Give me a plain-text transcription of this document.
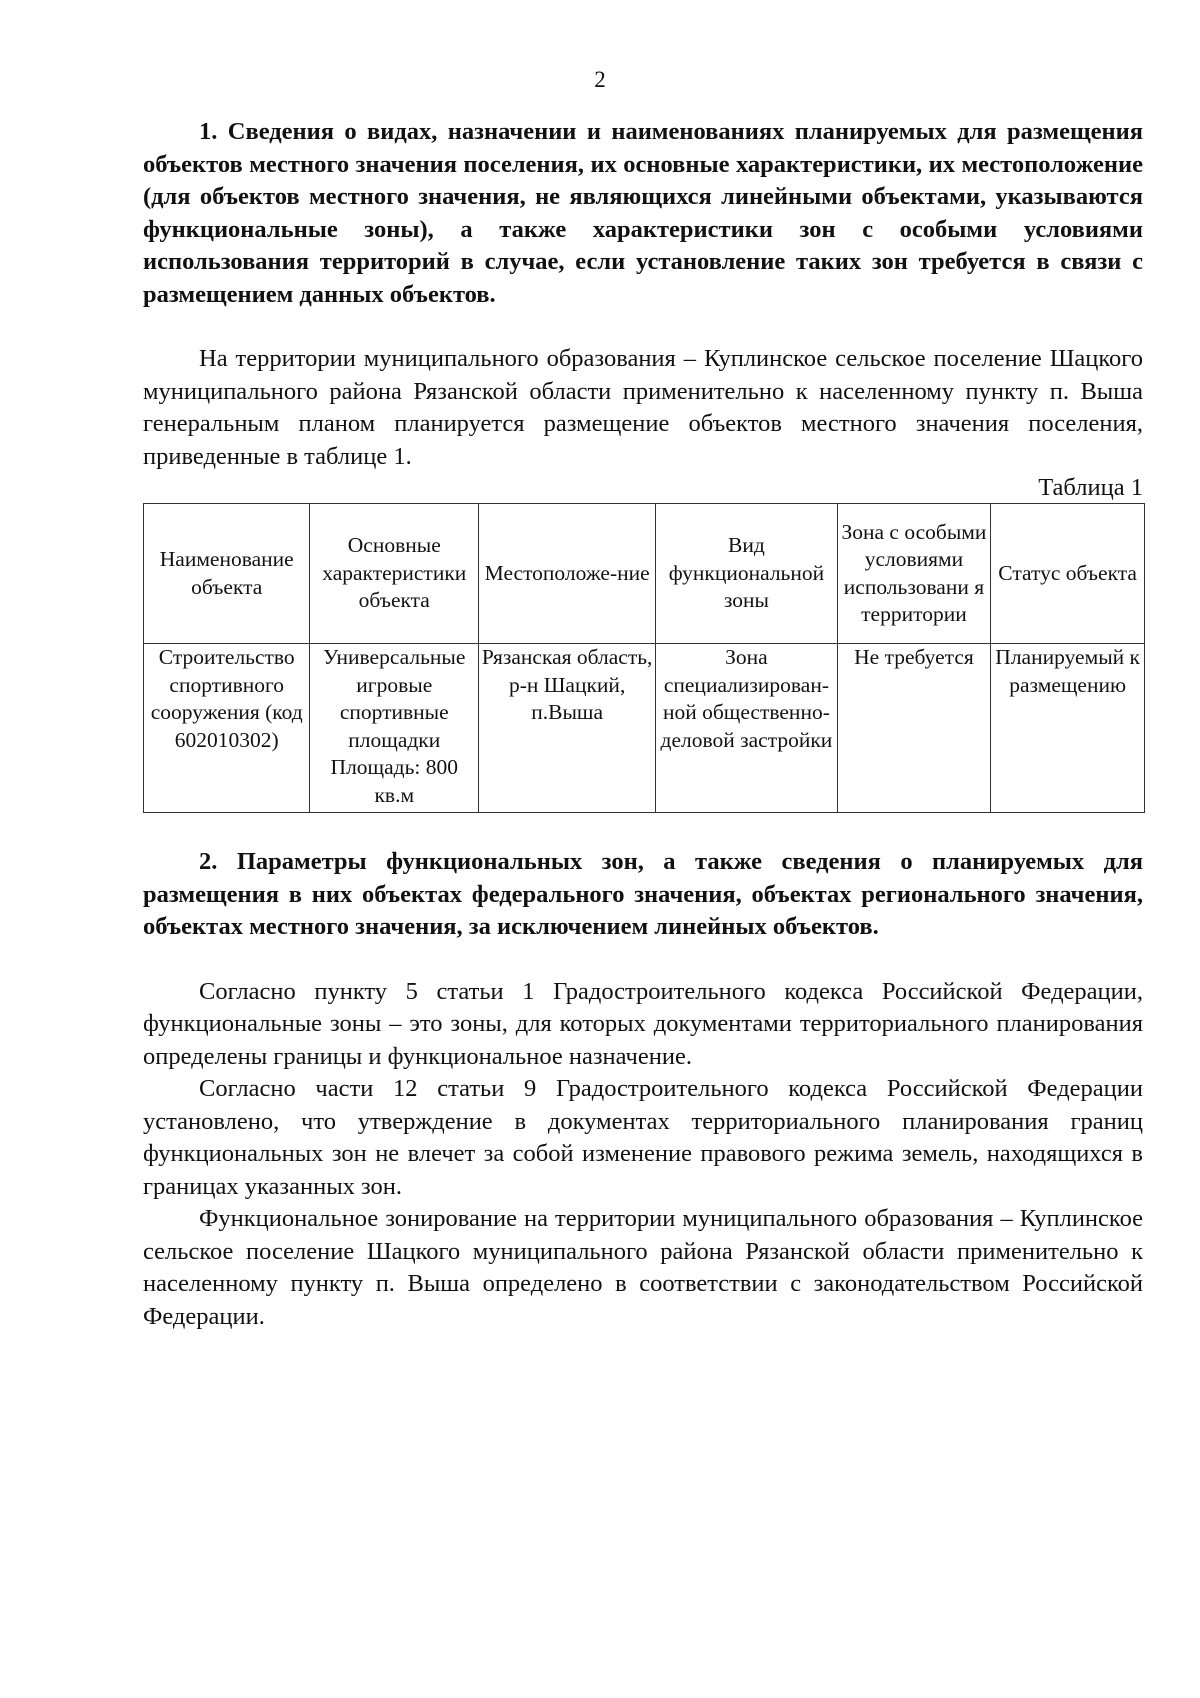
2

1. Сведения о видах, назначении и наименованиях планируемых для размещения объектов местного значения поселения, их основные характеристики, их местоположение (для объектов местного значения, не являющихся линейными объектами, указываются функциональные зоны), а также характеристики зон с особыми условиями использования территорий в случае, если установление таких зон требуется в связи с размещением данных объектов.

На территории муниципального образования – Куплинское сельское поселение Шацкого муниципального района Рязанской области применительно к населенному пункту п. Выша генеральным планом планируется размещение объектов местного значения поселения, приведенные в таблице 1.

Таблица 1

Наименование объекта	Основные характеристики объекта	Местоположе-ние	Вид функциональной зоны	Зона с особыми условиями использовани я территории	Статус объекта
Строительство спортивного сооружения (код 602010302)	Универсальные игровые спортивные площадки Площадь: 800 кв.м	Рязанская область, р-н Шацкий, п.Выша	Зона специализирован-ной общественно-деловой застройки	Не требуется	Планируемый к размещению

2. Параметры функциональных зон, а также сведения о планируемых для размещения в них объектах федерального значения, объектах регионального значения, объектах местного значения, за исключением линейных объектов.

Согласно пункту 5 статьи 1 Градостроительного кодекса Российской Федерации, функциональные зоны – это зоны, для которых документами территориального планирования определены границы и функциональное назначение.

Согласно части 12 статьи 9 Градостроительного кодекса Российской Федерации установлено, что утверждение в документах территориального планирования границ функциональных зон не влечет за собой изменение правового режима земель, находящихся в границах указанных зон.

Функциональное зонирование на территории муниципального образования – Куплинское сельское поселение Шацкого муниципального района Рязанской области применительно к населенному пункту п. Выша определено в соответствии с законодательством Российской Федерации.
